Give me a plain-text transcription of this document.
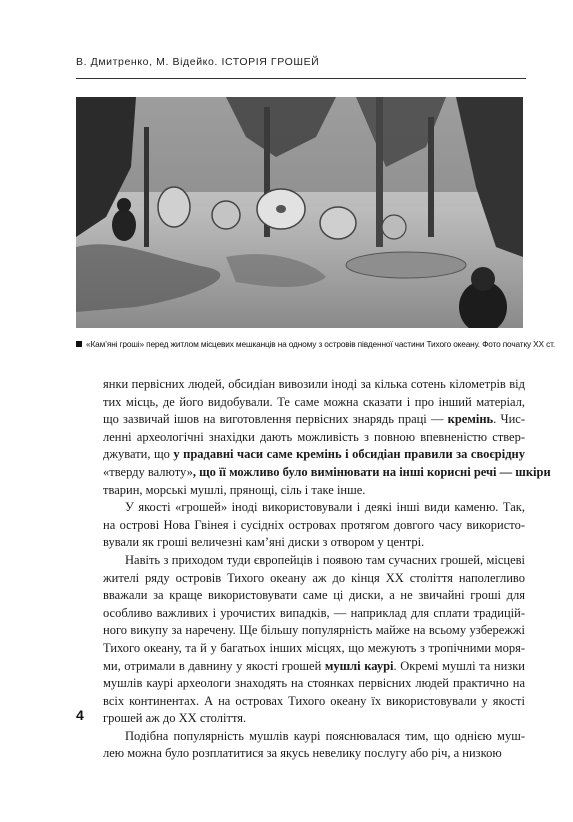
В. Дмитренко, М. Відейко. ІСТОРІЯ ГРОШЕЙ
«Кам’яні гроші» перед житлом місцевих мешканців на одному з островів південної частини Тихого океану. Фото початку XX ст.
янки первісних людей, обсидіан вивозили іноді за кілька сотень кілометрів від
тих місць, де його видобували. Те саме можна сказати і про інший матеріал,
що зазвичай ішов на виготовлення первісних знарядь праці — кремінь. Чис-
ленні археологічні знахідки дають можливість з повною впевненістю ствер-
джувати, що у прадавні часи саме кремінь і обсидіан правили за своєрідну
«тверду валюту», що її можливо було вимінювати на інші корисні речі — шкіри
тварин, морські мушлі, прянощі, сіль і таке інше.
У якості «грошей» іноді використовували і деякі інші види каменю. Так,
на острові Нова Гвінея і сусідніх островах протягом довгого часу використо-
вували як гроші величезні кам’яні диски з отвором у центрі.
Навіть з приходом туди європейців і появою там сучасних грошей, місцеві
жителі ряду островів Тихого океану аж до кінця XX століття наполегливо
вважали за краще використовувати саме ці диски, а не звичайні гроші для
особливо важливих і урочистих випадків, — наприклад для сплати традицій-
ного викупу за наречену. Ще більшу популярність майже на всьому узбережжі
Тихого океану, та й у багатьох інших місцях, що межують з тропічними моря-
ми, отримали в давнину у якості грошей мушлі каурі. Окремі мушлі та низки
мушлів каурі археологи знаходять на стоянках первісних людей практично на
всіх континентах. А на островах Тихого океану їх використовували у якості
грошей аж до XX століття.
Подібна популярність мушлів каурі пояснювалася тим, що однією муш-
лею можна було розплатитися за якусь невелику послугу або річ, а низкою
4
